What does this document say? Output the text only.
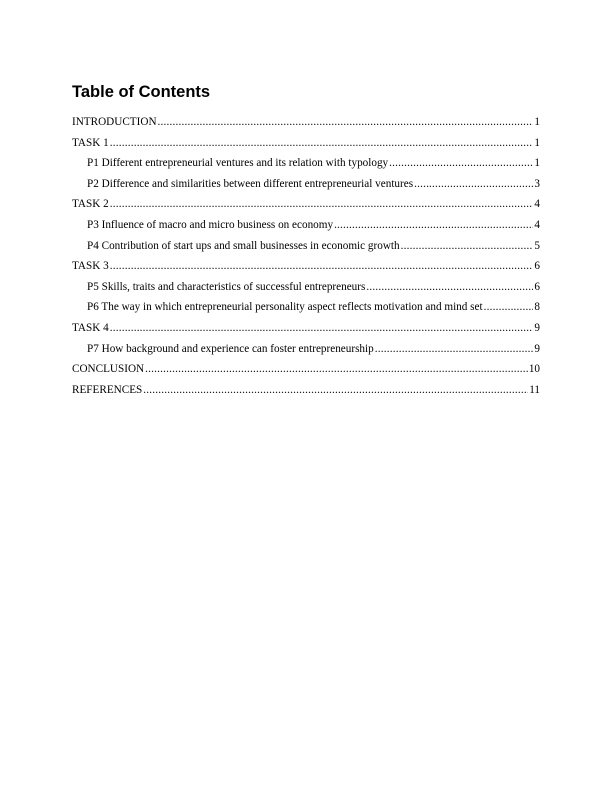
Table of Contents
INTRODUCTION .....	1
TASK 1 .....	1
P1 Different entrepreneurial ventures and its relation with typology .....	1
P2 Difference and similarities between different entrepreneurial ventures .....	3
TASK 2 .....	4
P3 Influence of macro and micro business on economy .....	4
P4 Contribution of start ups and small businesses in economic growth .....	5
TASK 3 .....	6
P5 Skills, traits and characteristics of successful entrepreneurs .....	6
P6 The way in which entrepreneurial personality aspect reflects motivation and mind set .....	8
TASK 4 .....	9
P7 How background and experience can foster entrepreneurship .....	9
CONCLUSION .....	10
REFERENCES .....	11
